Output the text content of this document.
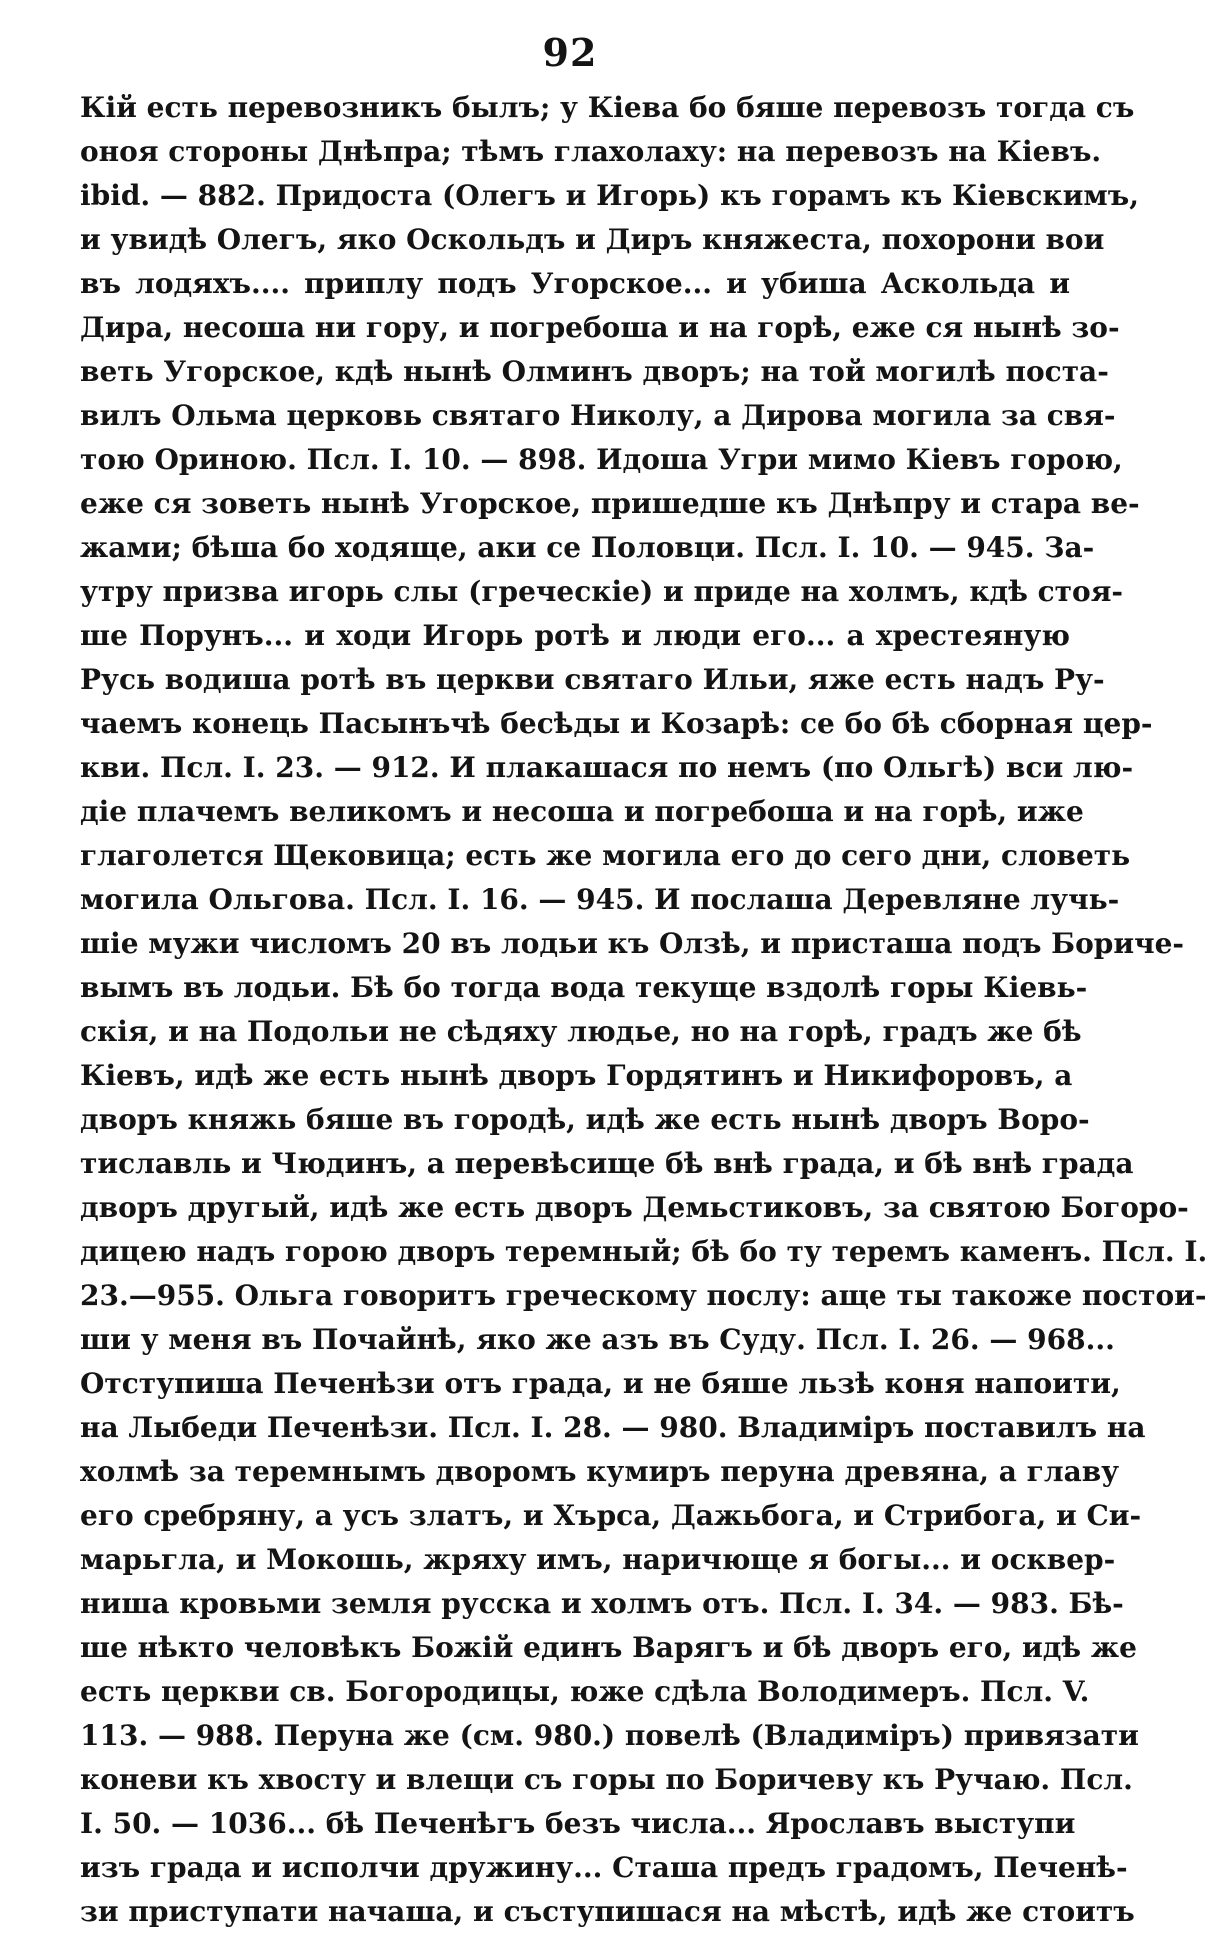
92
Кій есть перевозникъ былъ; у Кіева бо бяше перевозъ тогда съ
оноя стороны Днѣпра; тѣмъ глахолаху: на перевозъ на Кіевъ.
ibid. — 882. Придоста (Олегъ и Игорь) къ горамъ къ Кіевскимъ,
и увидѣ Олегъ, яко Оскольдъ и Диръ княжеста, похорони вои
въ лодяхъ.... приплу подъ Угорское... и убиша Аскольда и
Дира, несоша ни гору, и погребоша и на горѣ, еже ся нынѣ зо-
веть Угорское, кдѣ нынѣ Олминъ дворъ; на той могилѣ поста-
вилъ Ольма церковь святаго Николу, а Дирова могила за свя-
тою Ориною. Псл. I. 10. — 898. Идоша Угри мимо Кіевъ горою,
еже ся зоветь нынѣ Угорское, пришедше къ Днѣпру и стара ве-
жами; бѣша бо ходяще, аки се Половци. Псл. I. 10. — 945. За-
утру призва игорь слы (греческіе) и приде на холмъ, кдѣ стоя-
ше Порунъ... и ходи Игорь ротѣ и люди его... а хрестеяную
Русь водиша ротѣ въ церкви святаго Ильи, яже есть надъ Ру-
чаемъ конець Пасынъчѣ бесѣды и Козарѣ: се бо бѣ сборная цер-
кви. Псл. I. 23. — 912. И плакашася по немъ (по Ольгѣ) вси лю-
діе плачемъ великомъ и несоша и погребоша и на горѣ, иже
глаголется Щековица; есть же могила его до сего дни, словеть
могила Ольгова. Псл. I. 16. — 945. И послаша Деревляне лучь-
шіе мужи числомъ 20 въ лодьи къ Олзѣ, и присташа подъ Бориче-
вымъ въ лодьи. Бѣ бо тогда вода текуще вздолѣ горы Кіевь-
скія, и на Подольи не сѣдяху людье, но на горѣ, градъ же бѣ
Кіевъ, идѣ же есть нынѣ дворъ Гордятинъ и Никифоровъ, а
дворъ княжь бяше въ городѣ, идѣ же есть нынѣ дворъ Воро-
тиславль и Чюдинъ, а перевѣсище бѣ внѣ града, и бѣ внѣ града
дворъ другый, идѣ же есть дворъ Демьстиковъ, за святою Богоро-
дицею надъ горою дворъ теремный; бѣ бо ту теремъ каменъ. Псл. I.
23.—955. Ольга говоритъ греческому послу: аще ты такоже постои-
ши у меня въ Почайнѣ, яко же азъ въ Суду. Псл. I. 26. — 968...
Отступиша Печенѣзи отъ града, и не бяше льзѣ коня напоити,
на Лыбеди Печенѣзи. Псл. I. 28. — 980. Владиміръ поставилъ на
холмѣ за теремнымъ дворомъ кумиръ перуна древяна, а главу
его сребряну, а усъ златъ, и Хърса, Дажьбога, и Стрибога, и Си-
марьгла, и Мокошь, жряху имъ, наричюще я богы... и осквер-
ниша кровьми земля русска и холмъ отъ. Псл. I. 34. — 983. Бѣ-
ше нѣкто человѣкъ Божій единъ Варягъ и бѣ дворъ его, идѣ же
есть церкви св. Богородицы, юже сдѣла Володимеръ. Псл. V.
113. — 988. Перуна же (см. 980.) повелѣ (Владиміръ) привязати
коневи къ хвосту и влещи съ горы по Боричеву къ Ручаю. Псл.
I. 50. — 1036... бѣ Печенѣгъ безъ числа... Ярославъ выступи
изъ града и исполчи дружину... Сташа предъ градомъ, Печенѣ-
зи приступати начаша, и съступишася на мѣстѣ, идѣ же стоитъ
